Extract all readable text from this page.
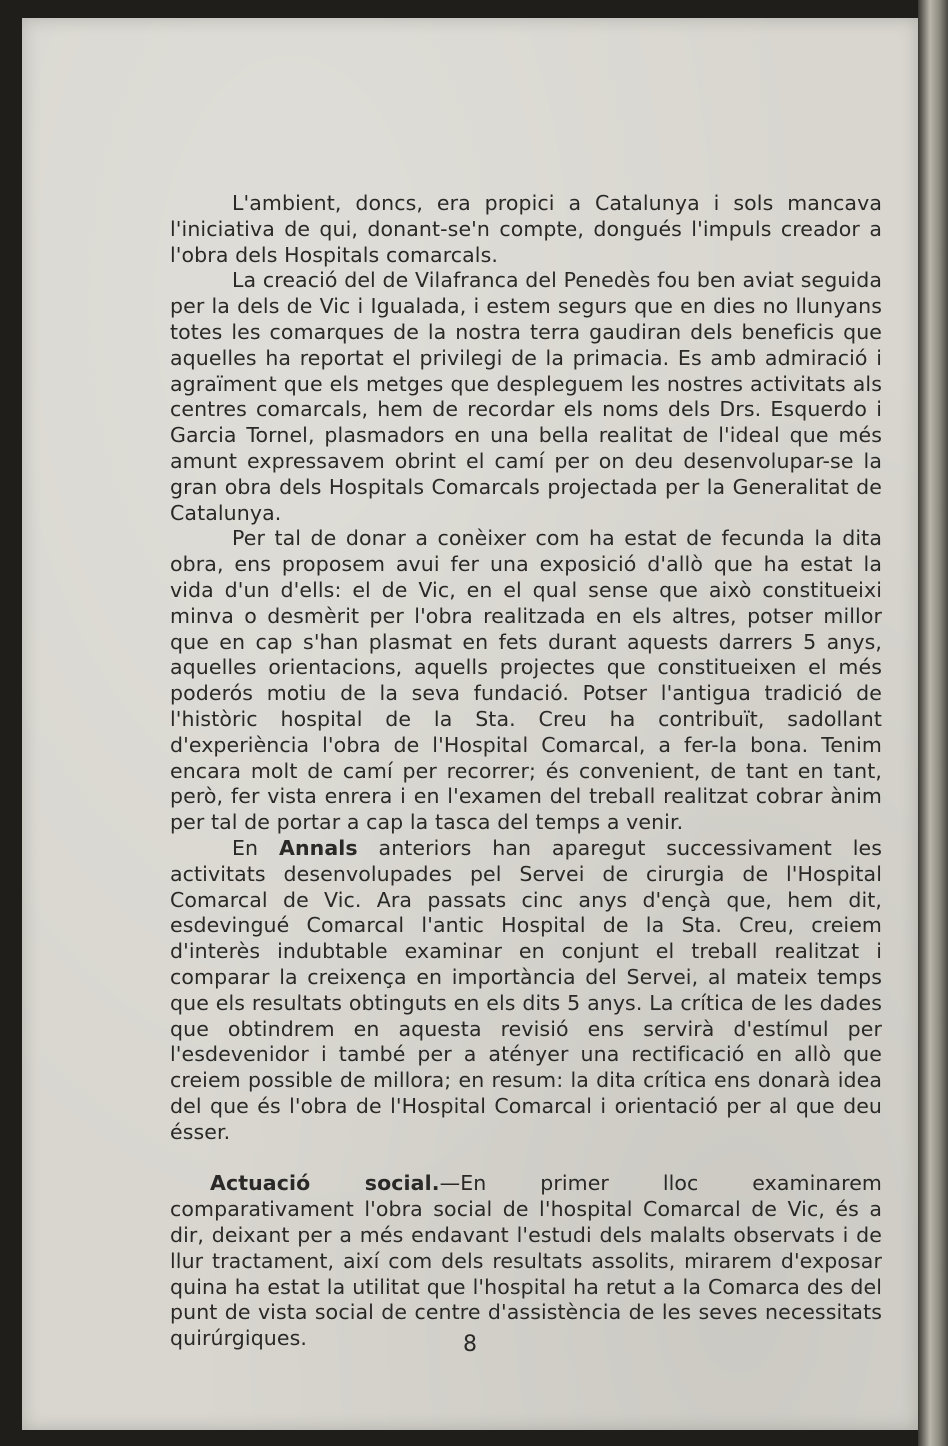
L'ambient, doncs, era propici a Catalunya i sols mancava l'iniciativa de qui, donant-se'n compte, dongués l'impuls creador a l'obra dels Hospitals comarcals.

La creació del de Vilafranca del Penedès fou ben aviat seguida per la dels de Vic i Igualada, i estem segurs que en dies no llunyans totes les comarques de la nostra terra gaudiran dels beneficis que aquelles ha reportat el privilegi de la primacia. Es amb admiració i agraïment que els metges que despleguem les nostres activitats als centres comarcals, hem de recordar els noms dels Drs. Esquerdo i Garcia Tornel, plasmadors en una bella realitat de l'ideal que més amunt expressavem obrint el camí per on deu desenvolupar-se la gran obra dels Hospitals Comarcals projectada per la Generalitat de Catalunya.

Per tal de donar a conèixer com ha estat de fecunda la dita obra, ens proposem avui fer una exposició d'allò que ha estat la vida d'un d'ells: el de Vic, en el qual sense que això constitueixi minva o desmèrit per l'obra realitzada en els altres, potser millor que en cap s'han plasmat en fets durant aquests darrers 5 anys, aquelles orientacions, aquells projectes que constitueixen el més poderós motiu de la seva fundació. Potser l'antigua tradició de l'històric hospital de la Sta. Creu ha contribuït, sadollant d'experiència l'obra de l'Hospital Comarcal, a fer-la bona. Tenim encara molt de camí per recorrer; és convenient, de tant en tant, però, fer vista enrera i en l'examen del treball realitzat cobrar ànim per tal de portar a cap la tasca del temps a venir.

En Annals anteriors han aparegut successivament les activitats desenvolupades pel Servei de cirurgia de l'Hospital Comarcal de Vic. Ara passats cinc anys d'ençà que, hem dit, esdevingué Comarcal l'antic Hospital de la Sta. Creu, creiem d'interès indubtable examinar en conjunt el treball realitzat i comparar la creixença en importància del Servei, al mateix temps que els resultats obtinguts en els dits 5 anys. La crítica de les dades que obtindrem en aquesta revisió ens servirà d'estímul per l'esdevenidor i també per a atényer una rectificació en allò que creiem possible de millora; en resum: la dita crítica ens donarà idea del que és l'obra de l'Hospital Comarcal i orientació per al que deu ésser.

Actuació social.—En primer lloc examinarem comparativament l'obra social de l'hospital Comarcal de Vic, és a dir, deixant per a més endavant l'estudi dels malalts observats i de llur tractament, així com dels resultats assolits, mirarem d'exposar quina ha estat la utilitat que l'hospital ha retut a la Comarca des del punt de vista social de centre d'assistència de les seves necessitats quirúrgiques.	8
